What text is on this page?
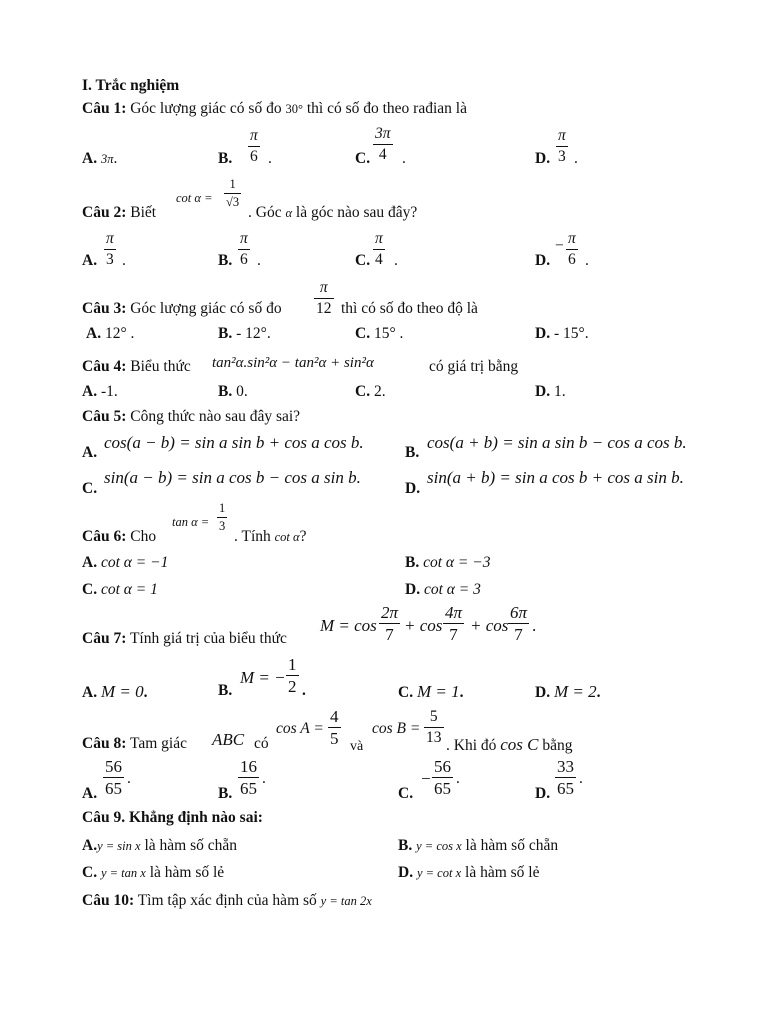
I. Trắc nghiệm
Câu 1: Góc lượng giác có số đo 30° thì có số đo theo rađian là
A. 3π.	B.
π
6 .	C.
3π
4 .	D.
π
3 .
Câu 2: Biết
cot α =
1
√3
. Góc α là góc nào sau đây?
A.
π
3 .	B.
π
6 .	C.
π
4 .	D.
− π
6 .
Câu 3: Góc lượng giác có số đo
π
12 thì có số đo theo độ là
A. 12° .	B. - 12°.	C. 15° .	D. - 15°.
Câu 4: Biểu thức tan²α.sin²α − tan²α + sin²α	có giá trị bằng
A. -1.	B. 0.	C. 2.	D. 1.
Câu 5: Công thức nào sau đây sai?
A.
cos(a − b) = sin a sin b + cos a cos b.
B.
cos(a + b) = sin a sin b − cos a cos b.
C.
sin(a − b) = sin a cos b − cos a sin b.
D.
sin(a + b) = sin a cos b + cos a sin b.
Câu 6: Cho
tan α =
1
3
. Tính cot α?
A. cot α = −1	B. cot α = −3
C. cot α = 1	D. cot α = 3
Câu 7: Tính giá trị của biểu thức
M = cos
2π
7 + cos
4π
7 + cos
6π
7 .
A. M = 0.	B.
M = −
1
2 .	C. M = 1.	D. M = 2.
Câu 8: Tam giác ABC có
cos A =
4
5 và
cos B =
5
13 . Khi đó cos C bằng
A.
56
65
.
B.
16
65
.
C.
−
56
65
.
D.
33
65
.
Câu 9. Khẳng định nào sai:
A.y = sin x là hàm số chẵn	B. y = cos x là hàm số chẵn
C. y = tan x là hàm số lẻ	D. y = cot x là hàm số lẻ
Câu 10: Tìm tập xác định của hàm số y = tan 2x
